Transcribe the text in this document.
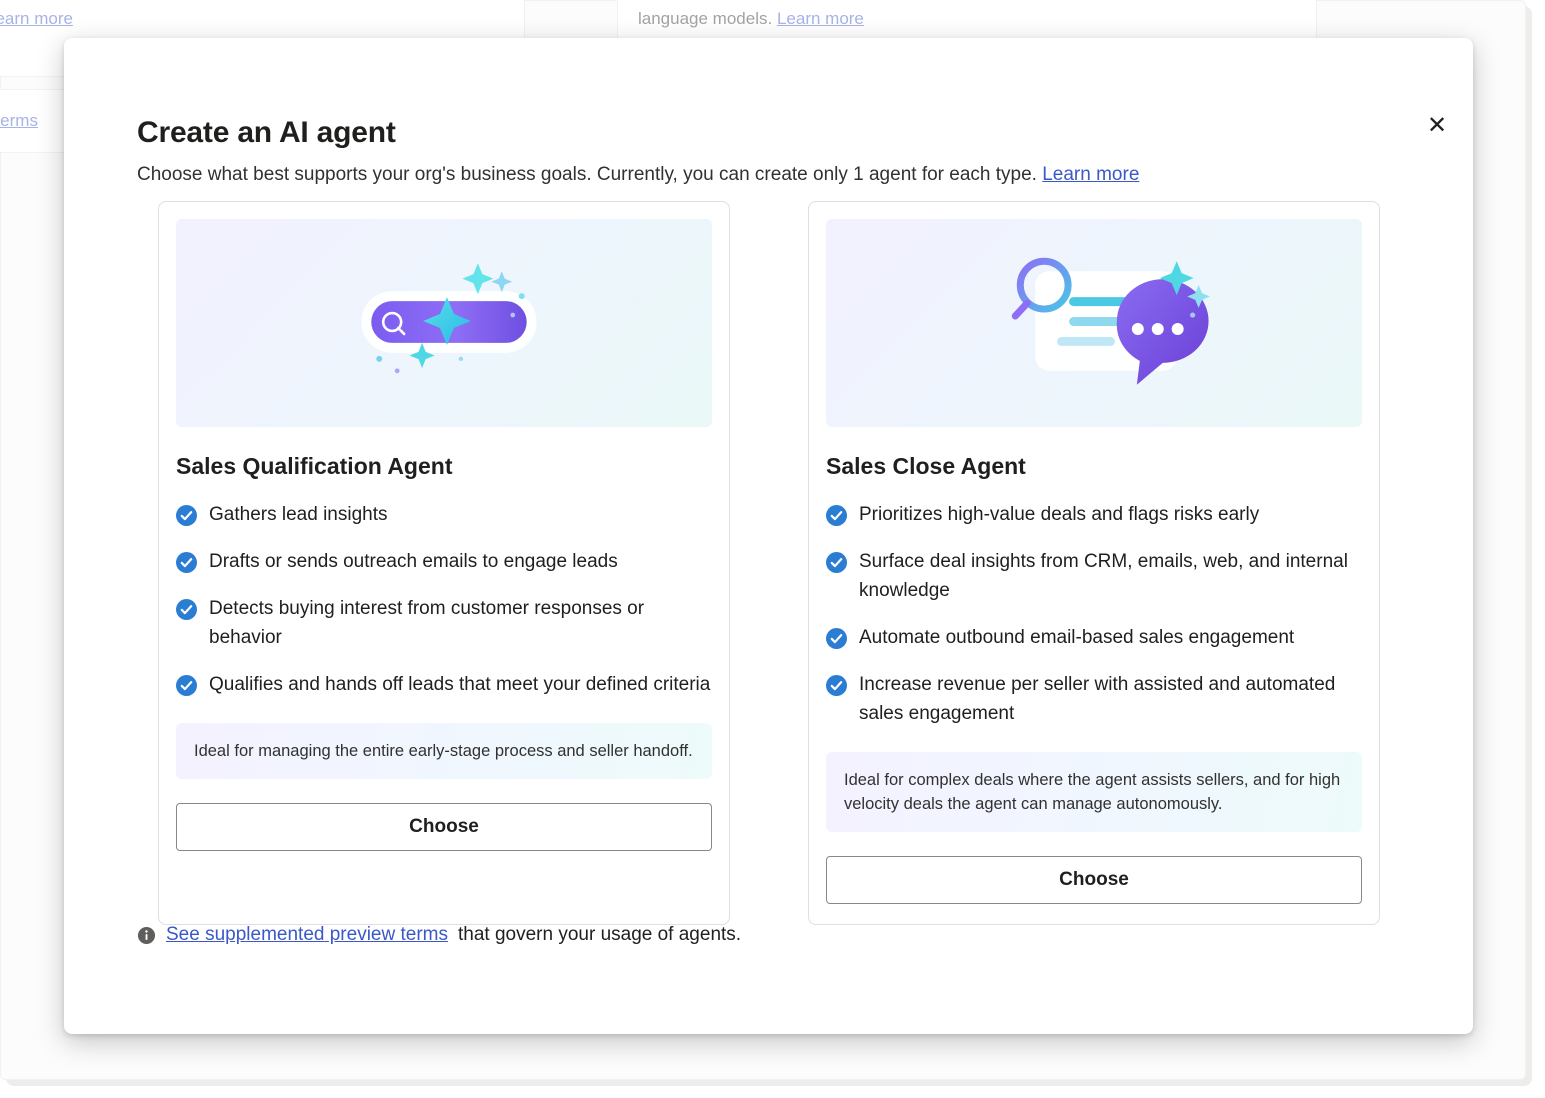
✕
Create an AI agent
Choose what best supports your org's business goals. Currently, you can create only 1 agent for each type. Learn more
Sales Qualification Agent
Gathers lead insights
Drafts or sends outreach emails to engage leads
Detects buying interest from customer responses or behavior
Qualifies and hands off leads that meet your defined criteria
Ideal for managing the entire early-stage process and seller handoff.
Choose
Sales Close Agent
Prioritizes high-value deals and flags risks early
Surface deal insights from CRM, emails, web, and internal knowledge
Automate outbound email-based sales engagement
Increase revenue per seller with assisted and automated sales engagement
Ideal for complex deals where the agent assists sellers, and for high velocity deals the agent can manage autonomously.
Choose
See supplemented preview terms that govern your usage of agents.
